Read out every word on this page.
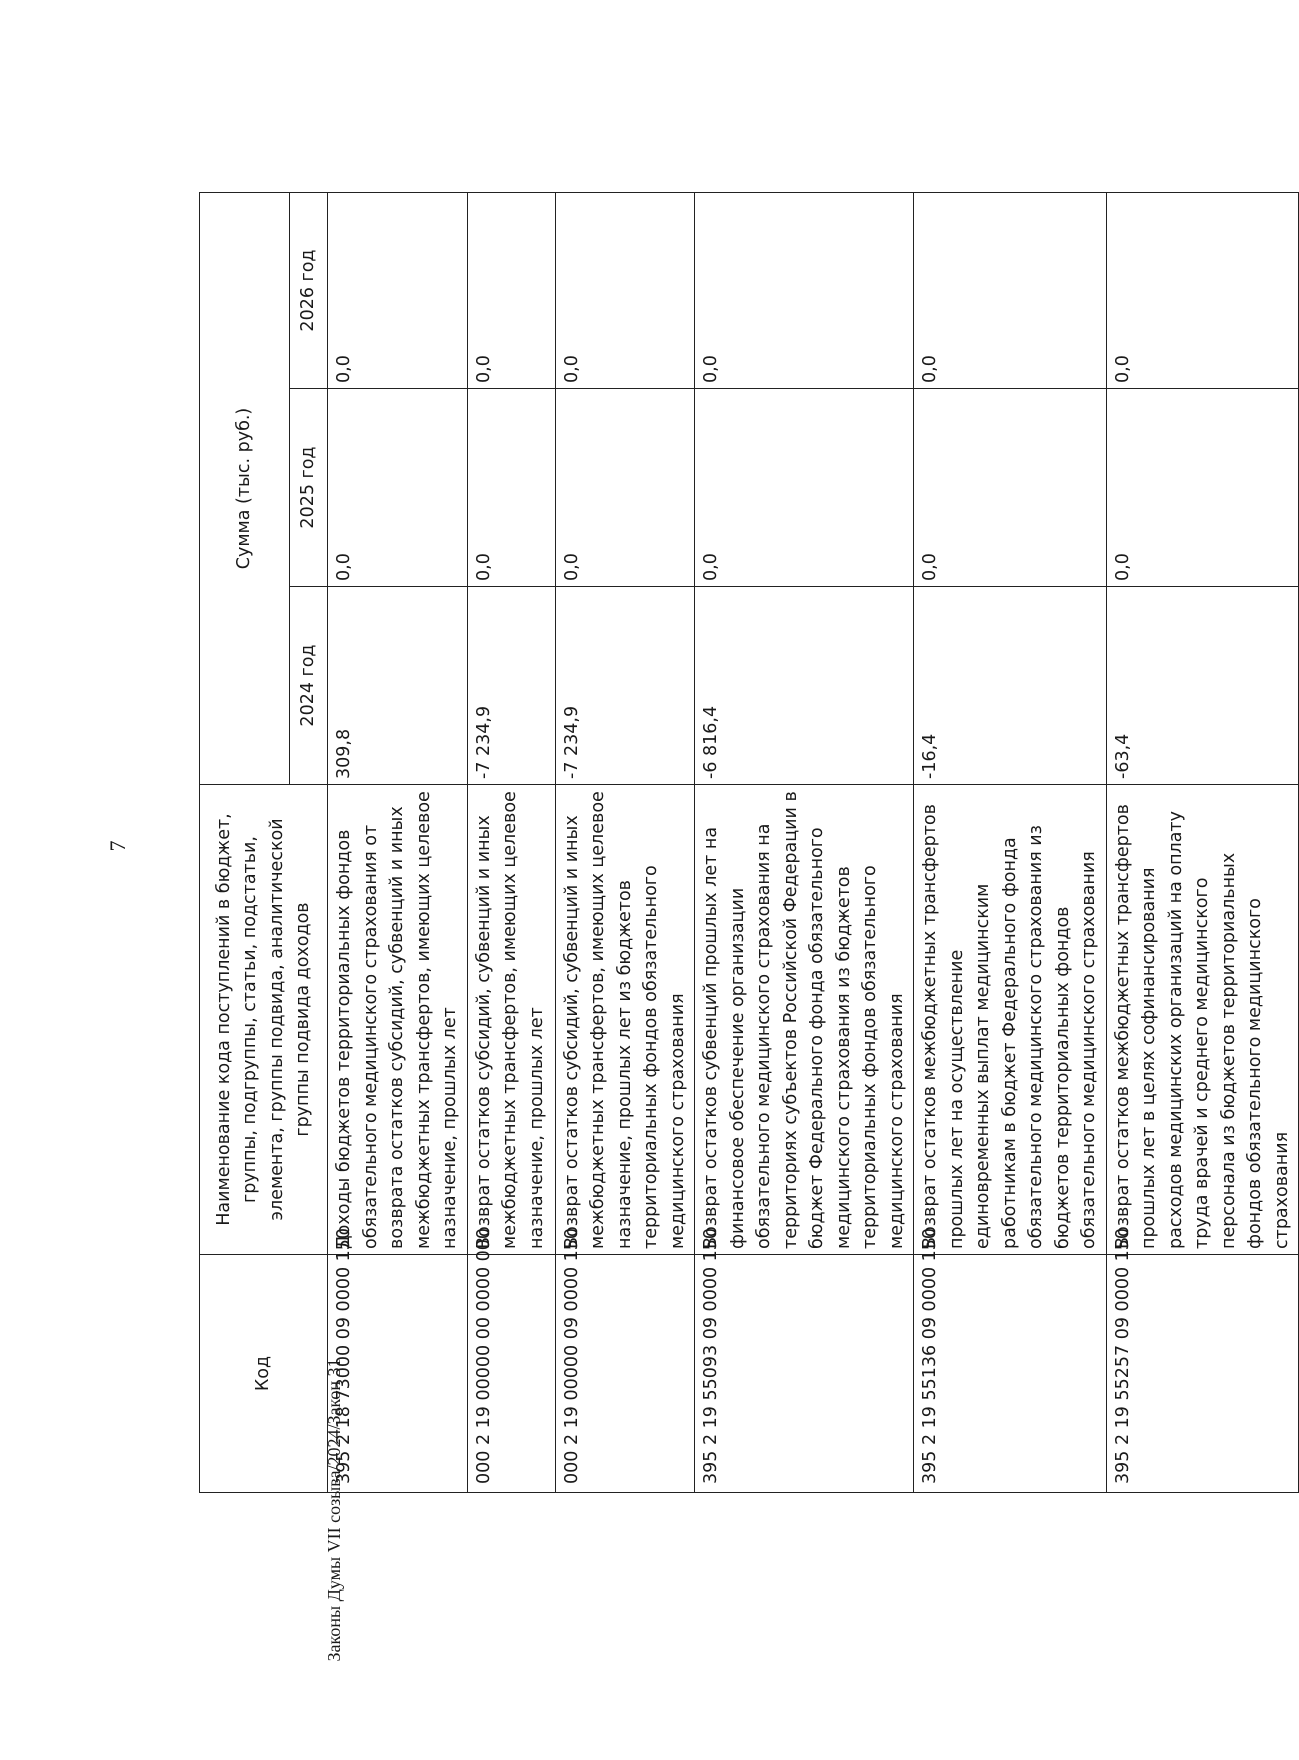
7
Код	Наименование кода поступлений в бюджет, группы, подгруппы, статьи, подстатьи, элемента, группы подвида, аналитической группы подвида доходов	Сумма (тыс. руб.)		
		2024 год	2025 год	2026 год
395 2 18 73000 09 0000 150	Доходы бюджетов территориальных фондов обязательного медицинского страхования от возврата остатков субсидий, субвенций и иных межбюджетных трансфертов, имеющих целевое назначение, прошлых лет	309,8	0,0	0,0
000 2 19 00000 00 0000 000	Возврат остатков субсидий, субвенций и иных межбюджетных трансфертов, имеющих целевое назначение, прошлых лет	-7 234,9	0,0	0,0
000 2 19 00000 09 0000 150	Возврат остатков субсидий, субвенций и иных межбюджетных трансфертов, имеющих целевое назначение, прошлых лет из бюджетов территориальных фондов обязательного медицинского страхования	-7 234,9	0,0	0,0
395 2 19 55093 09 0000 150	Возврат остатков субвенций прошлых лет на финансовое обеспечение организации обязательного медицинского страхования на территориях субъектов Российской Федерации в бюджет Федерального фонда обязательного медицинского страхования из бюджетов территориальных фондов обязательного медицинского страхования	-6 816,4	0,0	0,0
395 2 19 55136 09 0000 150	Возврат остатков межбюджетных трансфертов прошлых лет на осуществление единовременных выплат медицинским работникам в бюджет Федерального фонда обязательного медицинского страхования из бюджетов территориальных фондов обязательного медицинского страхования	-16,4	0,0	0,0
395 2 19 55257 09 0000 150	Возврат остатков межбюджетных трансфертов прошлых лет в целях софинансирования расходов медицинских организаций на оплату труда врачей и среднего медицинского персонала из бюджетов территориальных фондов обязательного медицинского страхования	-63,4	0,0	0,0
Законы Думы VII созыва/2024/Закон 31
